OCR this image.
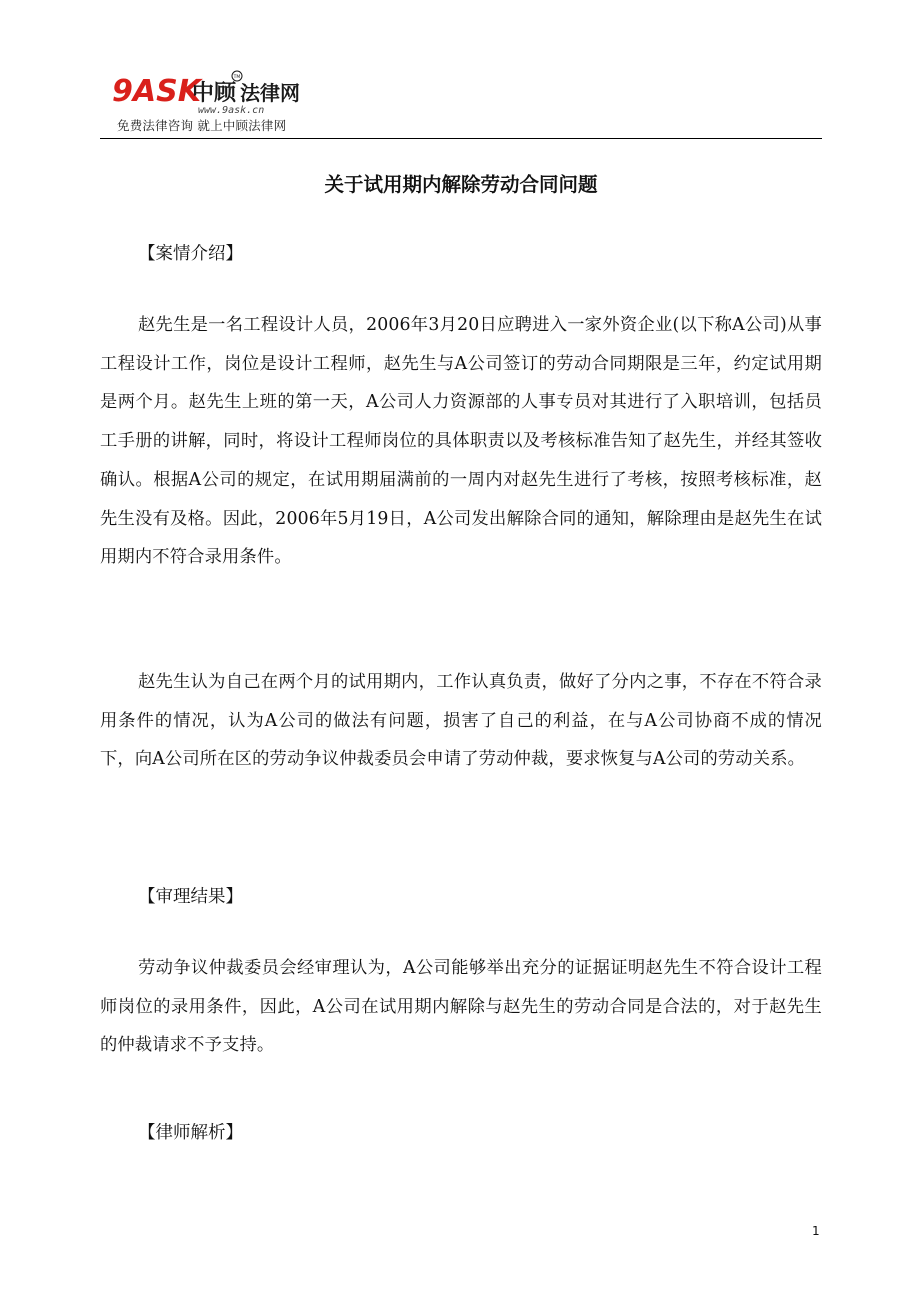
9ASK
中顾 法律网
TM
www.9ask.cn
免费法律咨询 就上中顾法律网
关于试用期内解除劳动合同问题

【案情介绍】

赵先生是一名工程设计人员，2006年3月20日应聘进入一家外资企业(以下称A公司)从事工程设计工作，岗位是设计工程师，赵先生与A公司签订的劳动合同期限是三年，约定试用期是两个月。赵先生上班的第一天，A公司人力资源部的人事专员对其进行了入职培训，包括员工手册的讲解，同时，将设计工程师岗位的具体职责以及考核标准告知了赵先生，并经其签收确认。根据A公司的规定，在试用期届满前的一周内对赵先生进行了考核，按照考核标准，赵先生没有及格。因此，2006年5月19日，A公司发出解除合同的通知，解除理由是赵先生在试用期内不符合录用条件。

赵先生认为自己在两个月的试用期内，工作认真负责，做好了分内之事，不存在不符合录用条件的情况，认为A公司的做法有问题，损害了自己的利益，在与A公司协商不成的情况下，向A公司所在区的劳动争议仲裁委员会申请了劳动仲裁，要求恢复与A公司的劳动关系。

【审理结果】

劳动争议仲裁委员会经审理认为，A公司能够举出充分的证据证明赵先生不符合设计工程师岗位的录用条件，因此，A公司在试用期内解除与赵先生的劳动合同是合法的，对于赵先生的仲裁请求不予支持。

【律师解析】

1
